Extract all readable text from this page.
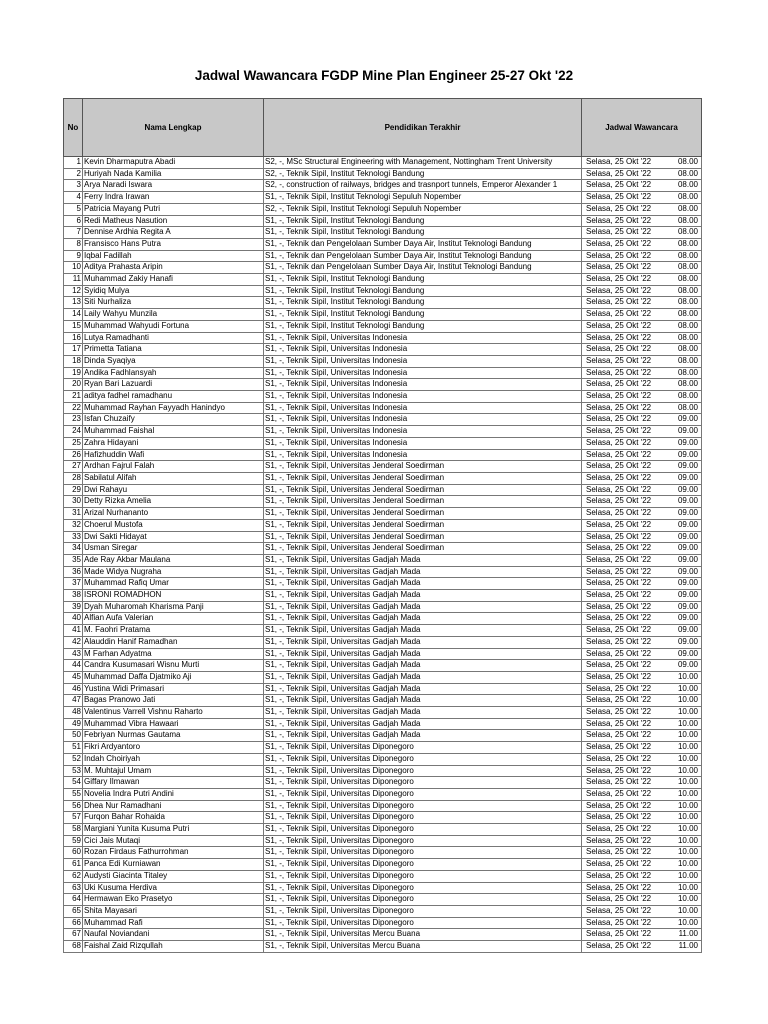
Jadwal Wawancara FGDP Mine Plan Engineer 25-27 Okt '22
No	Nama Lengkap	Pendidikan Terakhir	Jadwal Wawancara
1	Kevin Dharmaputra Abadi	S2, -, MSc Structural Engineering with Management, Nottingham Trent University	Selasa, 25 Okt '22 08.00

2	Huriyah Nada Kamilia	S2, -, Teknik Sipil, Institut Teknologi Bandung	Selasa, 25 Okt '22 08.00

3	Arya Naradi Iswara	S2, -, construction of railways, bridges and trasnport tunnels, Emperor Alexander 1	Selasa, 25 Okt '22 08.00

4	Ferry Indra Irawan	S1, -, Teknik Sipil, Institut Teknologi Sepuluh Nopember	Selasa, 25 Okt '22 08.00

5	Patricia Mayang Putri	S2, -, Teknik Sipil, Institut Teknologi Sepuluh Nopember	Selasa, 25 Okt '22 08.00

6	Redi Matheus Nasution	S1, -, Teknik Sipil, Institut Teknologi Bandung	Selasa, 25 Okt '22 08.00

7	Dennise Ardhia Regita A	S1, -, Teknik Sipil, Institut Teknologi Bandung	Selasa, 25 Okt '22 08.00

8	Fransisco Hans Putra	S1, -, Teknik dan Pengelolaan Sumber Daya Air, Institut Teknologi Bandung	Selasa, 25 Okt '22 08.00

9	Iqbal Fadillah	S1, -, Teknik dan Pengelolaan Sumber Daya Air, Institut Teknologi Bandung	Selasa, 25 Okt '22 08.00

10	Aditya Prahasta Aripin	S1, -, Teknik dan Pengelolaan Sumber Daya Air, Institut Teknologi Bandung	Selasa, 25 Okt '22 08.00

11	Muhammad Zakiy Hanafi	S1, -, Teknik Sipil, Institut Teknologi Bandung	Selasa, 25 Okt '22 08.00

12	Syidiq Mulya	S1, -, Teknik Sipil, Institut Teknologi Bandung	Selasa, 25 Okt '22 08.00

13	Siti Nurhaliza	S1, -, Teknik Sipil, Institut Teknologi Bandung	Selasa, 25 Okt '22 08.00

14	Laily Wahyu Munzila	S1, -, Teknik Sipil, Institut Teknologi Bandung	Selasa, 25 Okt '22 08.00

15	Muhammad Wahyudi Fortuna	S1, -, Teknik Sipil, Institut Teknologi Bandung	Selasa, 25 Okt '22 08.00

16	Lutya Ramadhanti	S1, -, Teknik Sipil, Universitas Indonesia	Selasa, 25 Okt '22 08.00

17	Primetta Tatiana	S1, -, Teknik Sipil, Universitas Indonesia	Selasa, 25 Okt '22 08.00

18	Dinda Syaqiya	S1, -, Teknik Sipil, Universitas Indonesia	Selasa, 25 Okt '22 08.00

19	Andika Fadhlansyah	S1, -, Teknik Sipil, Universitas Indonesia	Selasa, 25 Okt '22 08.00

20	Ryan Bari Lazuardi	S1, -, Teknik Sipil, Universitas Indonesia	Selasa, 25 Okt '22 08.00

21	aditya fadhel ramadhanu	S1, -, Teknik Sipil, Universitas Indonesia	Selasa, 25 Okt '22 08.00

22	Muhammad Rayhan Fayyadh Hanindyo	S1, -, Teknik Sipil, Universitas Indonesia	Selasa, 25 Okt '22 08.00

23	Isfan Chuzaify	S1, -, Teknik Sipil, Universitas Indonesia	Selasa, 25 Okt '22 09.00

24	Muhammad Faishal	S1, -, Teknik Sipil, Universitas Indonesia	Selasa, 25 Okt '22 09.00

25	Zahra Hidayani	S1, -, Teknik Sipil, Universitas Indonesia	Selasa, 25 Okt '22 09.00

26	Hafizhuddin Wafi	S1, -, Teknik Sipil, Universitas Indonesia	Selasa, 25 Okt '22 09.00

27	Ardhan Fajrul Falah	S1, -, Teknik Sipil, Universitas Jenderal Soedirman	Selasa, 25 Okt '22 09.00

28	Sabilatul Alifah	S1, -, Teknik Sipil, Universitas Jenderal Soedirman	Selasa, 25 Okt '22 09.00

29	Dwi Rahayu	S1, -, Teknik Sipil, Universitas Jenderal Soedirman	Selasa, 25 Okt '22 09.00

30	Detty Rizka Amelia	S1, -, Teknik Sipil, Universitas Jenderal Soedirman	Selasa, 25 Okt '22 09.00

31	Arizal Nurhananto	S1, -, Teknik Sipil, Universitas Jenderal Soedirman	Selasa, 25 Okt '22 09.00

32	Choerul Mustofa	S1, -, Teknik Sipil, Universitas Jenderal Soedirman	Selasa, 25 Okt '22 09.00

33	Dwi Sakti Hidayat	S1, -, Teknik Sipil, Universitas Jenderal Soedirman	Selasa, 25 Okt '22 09.00

34	Usman Siregar	S1, -, Teknik Sipil, Universitas Jenderal Soedirman	Selasa, 25 Okt '22 09.00

35	Ade Ray Akbar Maulana	S1, -, Teknik Sipil, Universitas Gadjah Mada	Selasa, 25 Okt '22 09.00

36	Made Widya Nugraha	S1, -, Teknik Sipil, Universitas Gadjah Mada	Selasa, 25 Okt '22 09.00

37	Muhammad Rafiq Umar	S1, -, Teknik Sipil, Universitas Gadjah Mada	Selasa, 25 Okt '22 09.00

38	ISRONI ROMADHON	S1, -, Teknik Sipil, Universitas Gadjah Mada	Selasa, 25 Okt '22 09.00

39	Dyah Muharomah Kharisma Panji	S1, -, Teknik Sipil, Universitas Gadjah Mada	Selasa, 25 Okt '22 09.00

40	Alfian Aufa Valerian	S1, -, Teknik Sipil, Universitas Gadjah Mada	Selasa, 25 Okt '22 09.00

41	M. Faohri Pratama	S1, -, Teknik Sipil, Universitas Gadjah Mada	Selasa, 25 Okt '22 09.00

42	Alauddin Hanif Ramadhan	S1, -, Teknik Sipil, Universitas Gadjah Mada	Selasa, 25 Okt '22 09.00

43	M Farhan Adyatma	S1, -, Teknik Sipil, Universitas Gadjah Mada	Selasa, 25 Okt '22 09.00

44	Candra Kusumasari Wisnu Murti	S1, -, Teknik Sipil, Universitas Gadjah Mada	Selasa, 25 Okt '22 09.00

45	Muhammad Daffa Djatmiko Aji	S1, -, Teknik Sipil, Universitas Gadjah Mada	Selasa, 25 Okt '22 10.00

46	Yustina Widi Primasari	S1, -, Teknik Sipil, Universitas Gadjah Mada	Selasa, 25 Okt '22 10.00

47	Bagas Pranowo Jati	S1, -, Teknik Sipil, Universitas Gadjah Mada	Selasa, 25 Okt '22 10.00

48	Valentinus Varrell Vishnu Raharto	S1, -, Teknik Sipil, Universitas Gadjah Mada	Selasa, 25 Okt '22 10.00

49	Muhammad Vibra Hawaari	S1, -, Teknik Sipil, Universitas Gadjah Mada	Selasa, 25 Okt '22 10.00

50	Febriyan Nurmas Gautama	S1, -, Teknik Sipil, Universitas Gadjah Mada	Selasa, 25 Okt '22 10.00

51	Fikri Ardyantoro	S1, -, Teknik Sipil, Universitas Diponegoro	Selasa, 25 Okt '22 10.00

52	Indah Choiriyah	S1, -, Teknik Sipil, Universitas Diponegoro	Selasa, 25 Okt '22 10.00

53	M. Muhtajul Umam	S1, -, Teknik Sipil, Universitas Diponegoro	Selasa, 25 Okt '22 10.00

54	Giffary Ilmawan	S1, -, Teknik Sipil, Universitas Diponegoro	Selasa, 25 Okt '22 10.00

55	Novelia Indra Putri Andini	S1, -, Teknik Sipil, Universitas Diponegoro	Selasa, 25 Okt '22 10.00

56	Dhea Nur Ramadhani	S1, -, Teknik Sipil, Universitas Diponegoro	Selasa, 25 Okt '22 10.00

57	Furqon Bahar Rohaida	S1, -, Teknik Sipil, Universitas Diponegoro	Selasa, 25 Okt '22 10.00

58	Margiani Yunita Kusuma Putri	S1, -, Teknik Sipil, Universitas Diponegoro	Selasa, 25 Okt '22 10.00

59	Cici Jais Mutaqi	S1, -, Teknik Sipil, Universitas Diponegoro	Selasa, 25 Okt '22 10.00

60	Rozan Firdaus Fathurrohman	S1, -, Teknik Sipil, Universitas Diponegoro	Selasa, 25 Okt '22 10.00

61	Panca Edi Kurniawan	S1, -, Teknik Sipil, Universitas Diponegoro	Selasa, 25 Okt '22 10.00

62	Audysti Giacinta Titaley	S1, -, Teknik Sipil, Universitas Diponegoro	Selasa, 25 Okt '22 10.00

63	Uki Kusuma Herdiva	S1, -, Teknik Sipil, Universitas Diponegoro	Selasa, 25 Okt '22 10.00

64	Hermawan Eko Prasetyo	S1, -, Teknik Sipil, Universitas Diponegoro	Selasa, 25 Okt '22 10.00

65	Shita Mayasari	S1, -, Teknik Sipil, Universitas Diponegoro	Selasa, 25 Okt '22 10.00

66	Muhammad Rafi	S1, -, Teknik Sipil, Universitas Diponegoro	Selasa, 25 Okt '22 10.00

67	Naufal Noviandani	S1, -, Teknik Sipil, Universitas Mercu Buana	Selasa, 25 Okt '22 11.00

68	Faishal Zaid Rizqullah	S1, -, Teknik Sipil, Universitas Mercu Buana	Selasa, 25 Okt '22 11.00
